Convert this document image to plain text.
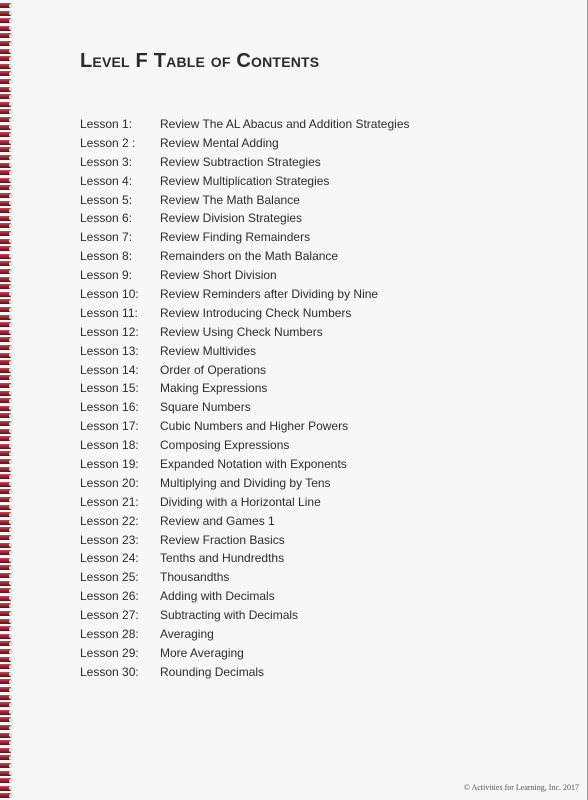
Level F Table of Contents
Lesson 1: Review The AL Abacus and Addition Strategies
Lesson 2 : Review Mental Adding
Lesson 3: Review Subtraction Strategies
Lesson 4: Review Multiplication Strategies
Lesson 5: Review The Math Balance
Lesson 6: Review Division Strategies
Lesson 7: Review Finding Remainders
Lesson 8: Remainders on the Math Balance
Lesson 9: Review Short Division
Lesson 10: Review Reminders after Dividing by Nine
Lesson 11: Review Introducing Check Numbers
Lesson 12: Review Using Check Numbers
Lesson 13: Review Multivides
Lesson 14: Order of Operations
Lesson 15: Making Expressions
Lesson 16: Square Numbers
Lesson 17: Cubic Numbers and Higher Powers
Lesson 18: Composing Expressions
Lesson 19: Expanded Notation with Exponents
Lesson 20: Multiplying and Dividing by Tens
Lesson 21: Dividing with a Horizontal Line
Lesson 22: Review and Games 1
Lesson 23: Review Fraction Basics
Lesson 24: Tenths and Hundredths
Lesson 25: Thousandths
Lesson 26: Adding with Decimals
Lesson 27: Subtracting with Decimals
Lesson 28: Averaging
Lesson 29: More Averaging
Lesson 30: Rounding Decimals
© Activities for Learning, Inc. 2017
